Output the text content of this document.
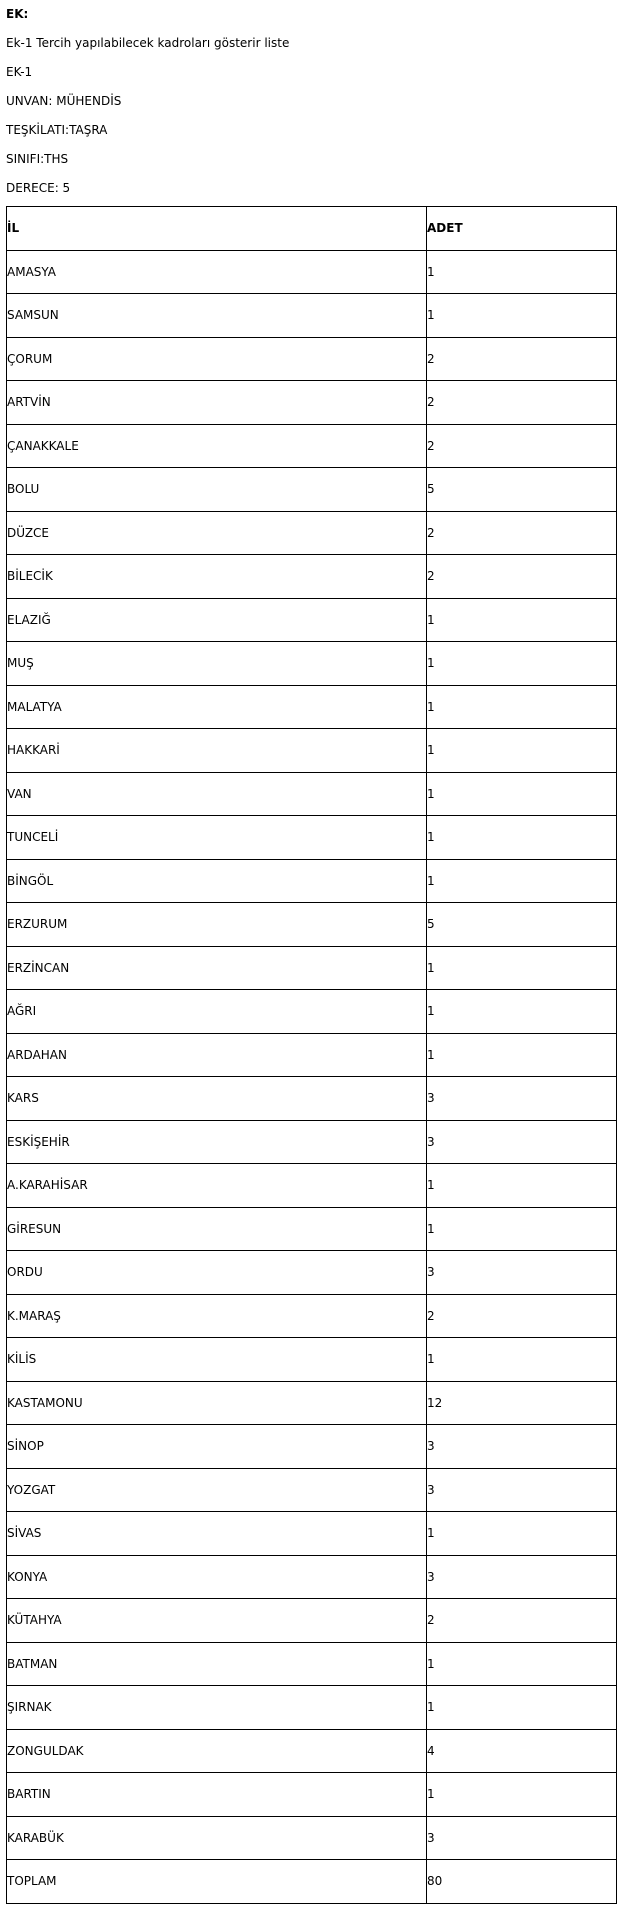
EK:
Ek-1 Tercih yapılabilecek kadroları gösterir liste
EK-1
UNVAN: MÜHENDİS
TEŞKİLATI:TAŞRA
SINIFI:THS
DERECE: 5
İL	ADET
AMASYA	1
SAMSUN	1
ÇORUM	2
ARTVİN	2
ÇANAKKALE	2
BOLU	5
DÜZCE	2
BİLECİK	2
ELAZIĞ	1
MUŞ	1
MALATYA	1
HAKKARİ	1
VAN	1
TUNCELİ	1
BİNGÖL	1
ERZURUM	5
ERZİNCAN	1
AĞRI	1
ARDAHAN	1
KARS	3
ESKİŞEHİR	3
A.KARAHİSAR	1
GİRESUN	1
ORDU	3
K.MARAŞ	2
KİLİS	1
KASTAMONU	12
SİNOP	3
YOZGAT	3
SİVAS	1
KONYA	3
KÜTAHYA	2
BATMAN	1
ŞIRNAK	1
ZONGULDAK	4
BARTIN	1
KARABÜK	3
TOPLAM	80
